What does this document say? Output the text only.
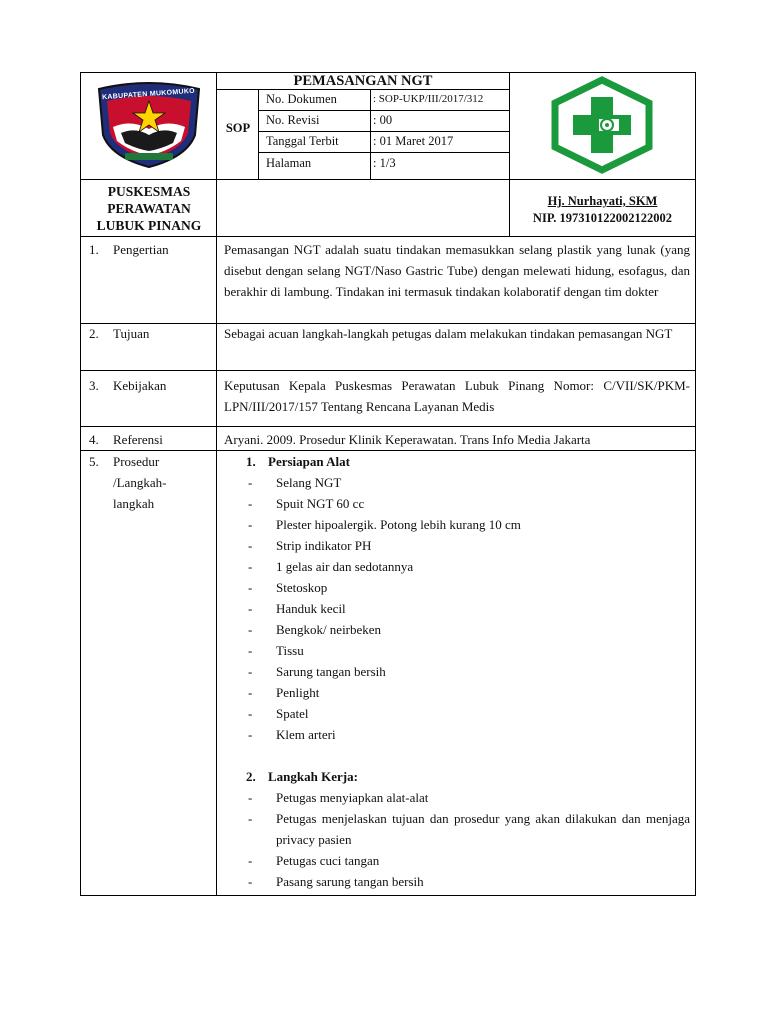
KABUPATEN MUKOMUKO
PEMASANGAN NGT
SOP
No. Dokumen	: SOP-UKP/III/2017/312
No. Revisi	: 00
Tanggal Terbit	: 01 Maret 2017
Halaman	: 1/3
PUSKESMAS
PERAWATAN
LUBUK PINANG
Hj. Nurhayati, SKM
NIP. 197310122002122002
1. Pengertian	Pemasangan NGT adalah suatu tindakan memasukkan selang plastik yang lunak (yang disebut dengan selang NGT/Naso Gastric Tube) dengan melewati hidung, esofagus, dan berakhir di lambung. Tindakan ini termasuk tindakan kolaboratif dengan tim dokter
2. Tujuan	Sebagai acuan langkah-langkah petugas dalam melakukan tindakan pemasangan NGT
3. Kebijakan	Keputusan Kepala Puskesmas Perawatan Lubuk Pinang Nomor: C/VII/SK/PKM-LPN/III/2017/157 Tentang Rencana Layanan Medis
4. Referensi	Aryani. 2009. Prosedur Klinik Keperawatan. Trans Info Media Jakarta
5. Prosedur
/Langkah-
langkah
1. Persiapan Alat
- Selang NGT
- Spuit NGT 60 cc
- Plester hipoalergik. Potong lebih kurang 10 cm
- Strip indikator PH
- 1 gelas air dan sedotannya
- Stetoskop
- Handuk kecil
- Bengkok/ neirbeken
- Tissu
- Sarung tangan bersih
- Penlight
- Spatel
- Klem arteri
2. Langkah Kerja:
- Petugas menyiapkan alat-alat
- Petugas menjelaskan tujuan dan prosedur yang akan dilakukan dan menjaga privacy pasien
- Petugas cuci tangan
- Pasang sarung tangan bersih
